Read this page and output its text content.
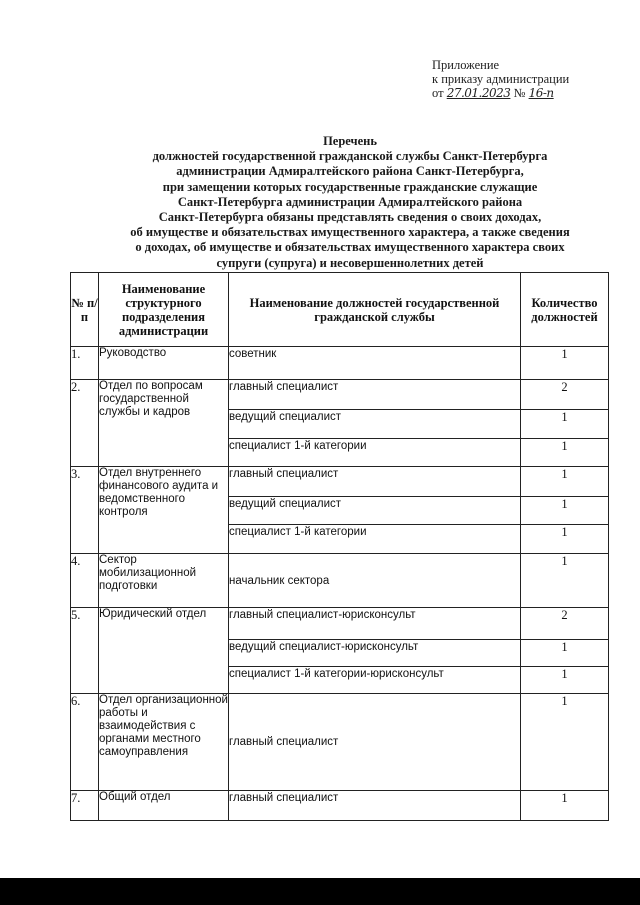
Приложение
к приказу администрации
от 27.01.2023 № 16-п
Перечень
должностей государственной гражданской службы Санкт-Петербурга
администрации Адмиралтейского района Санкт-Петербурга,
при замещении которых государственные гражданские служащие
Санкт-Петербурга администрации Адмиралтейского района
Санкт-Петербурга обязаны представлять сведения о своих доходах,
об имуществе и обязательствах имущественного характера, а также сведения
о доходах, об имуществе и обязательствах имущественного характера своих
супруги (супруга) и несовершеннолетних детей
№ п/п	Наименование структурного подразделения администрации	Наименование должностей государственной гражданской службы	Количество должностей
1.	Руководство	советник	1
2.	Отдел по вопросам государственной службы и кадров	главный специалист	2
		ведущий специалист	1
		специалист 1-й категории	1
3.	Отдел внутреннего финансового аудита и ведомственного контроля	главный специалист	1
		ведущий специалист	1
		специалист 1-й категории	1
4.	Сектор мобилизационной подготовки	начальник сектора	1
5.	Юридический отдел	главный специалист-юрисконсульт	2
		ведущий специалист-юрисконсульт	1
		специалист 1-й категории-юрисконсульт	1
6.	Отдел организационной работы и взаимодействия с органами местного самоуправления	главный специалист	1
7.	Общий отдел	главный специалист	1
